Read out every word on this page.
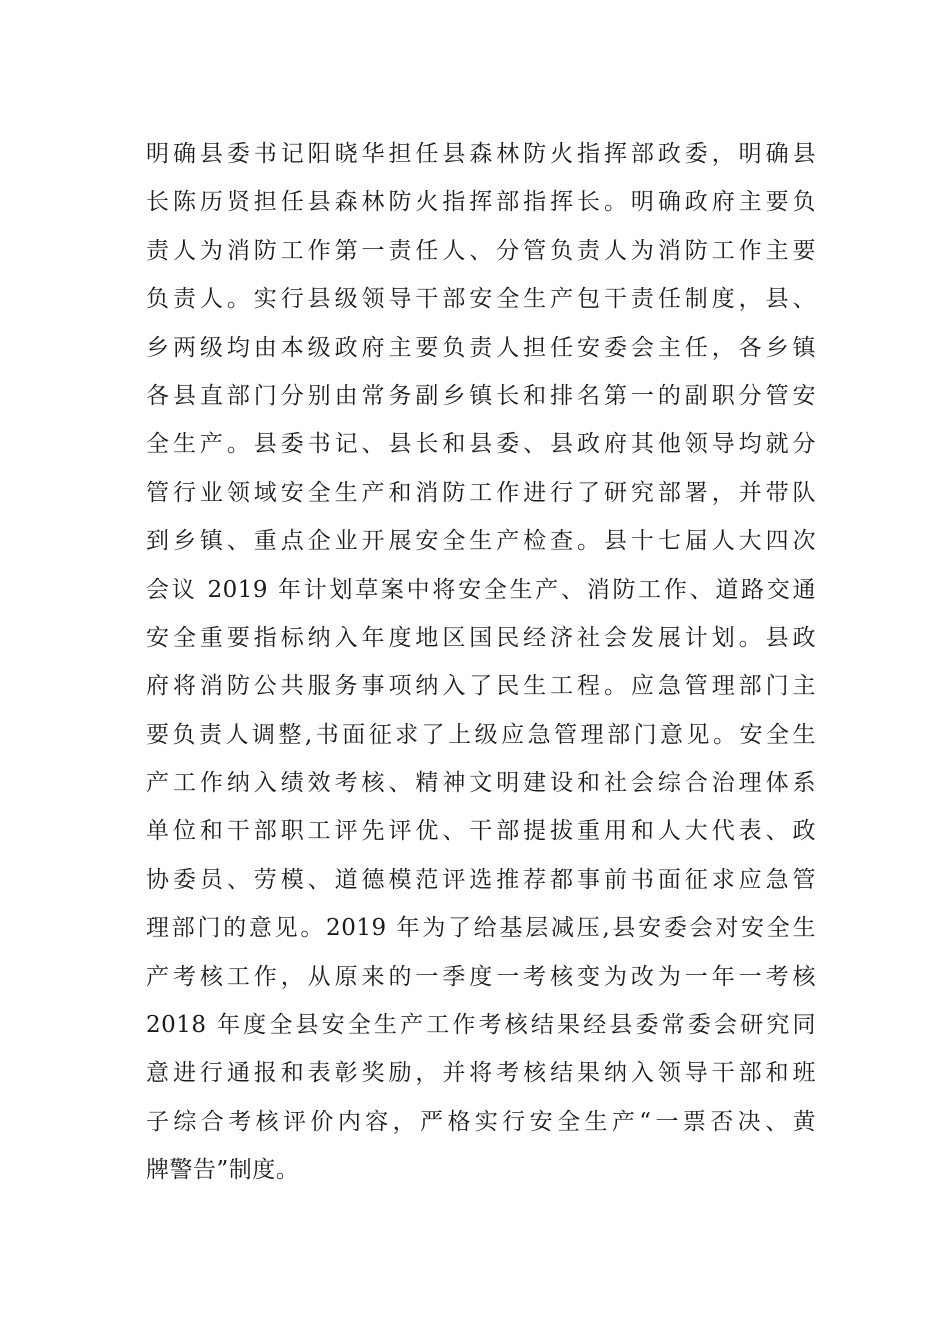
明确县委书记阳晓华担任县森林防火指挥部政委，明确县
长陈历贤担任县森林防火指挥部指挥长。明确政府主要负
责人为消防工作第一责任人、分管负责人为消防工作主要
负责人。实行县级领导干部安全生产包干责任制度，县、
乡两级均由本级政府主要负责人担任安委会主任，各乡镇
各县直部门分别由常务副乡镇长和排名第一的副职分管安
全生产。县委书记、县长和县委、县政府其他领导均就分
管行业领域安全生产和消防工作进行了研究部署，并带队
到乡镇、重点企业开展安全生产检查。县十七届人大四次
会议 2019 年计划草案中将安全生产、消防工作、道路交通
安全重要指标纳入年度地区国民经济社会发展计划。县政
府将消防公共服务事项纳入了民生工程。应急管理部门主
要负责人调整,书面征求了上级应急管理部门意见。安全生
产工作纳入绩效考核、精神文明建设和社会综合治理体系
单位和干部职工评先评优、干部提拔重用和人大代表、政
协委员、劳模、道德模范评选推荐都事前书面征求应急管
理部门的意见。2019 年为了给基层减压,县安委会对安全生
产考核工作，从原来的一季度一考核变为改为一年一考核
2018 年度全县安全生产工作考核结果经县委常委会研究同
意进行通报和表彰奖励，并将考核结果纳入领导干部和班
子综合考核评价内容，严格实行安全生产“一票否决、黄
牌警告”制度。
